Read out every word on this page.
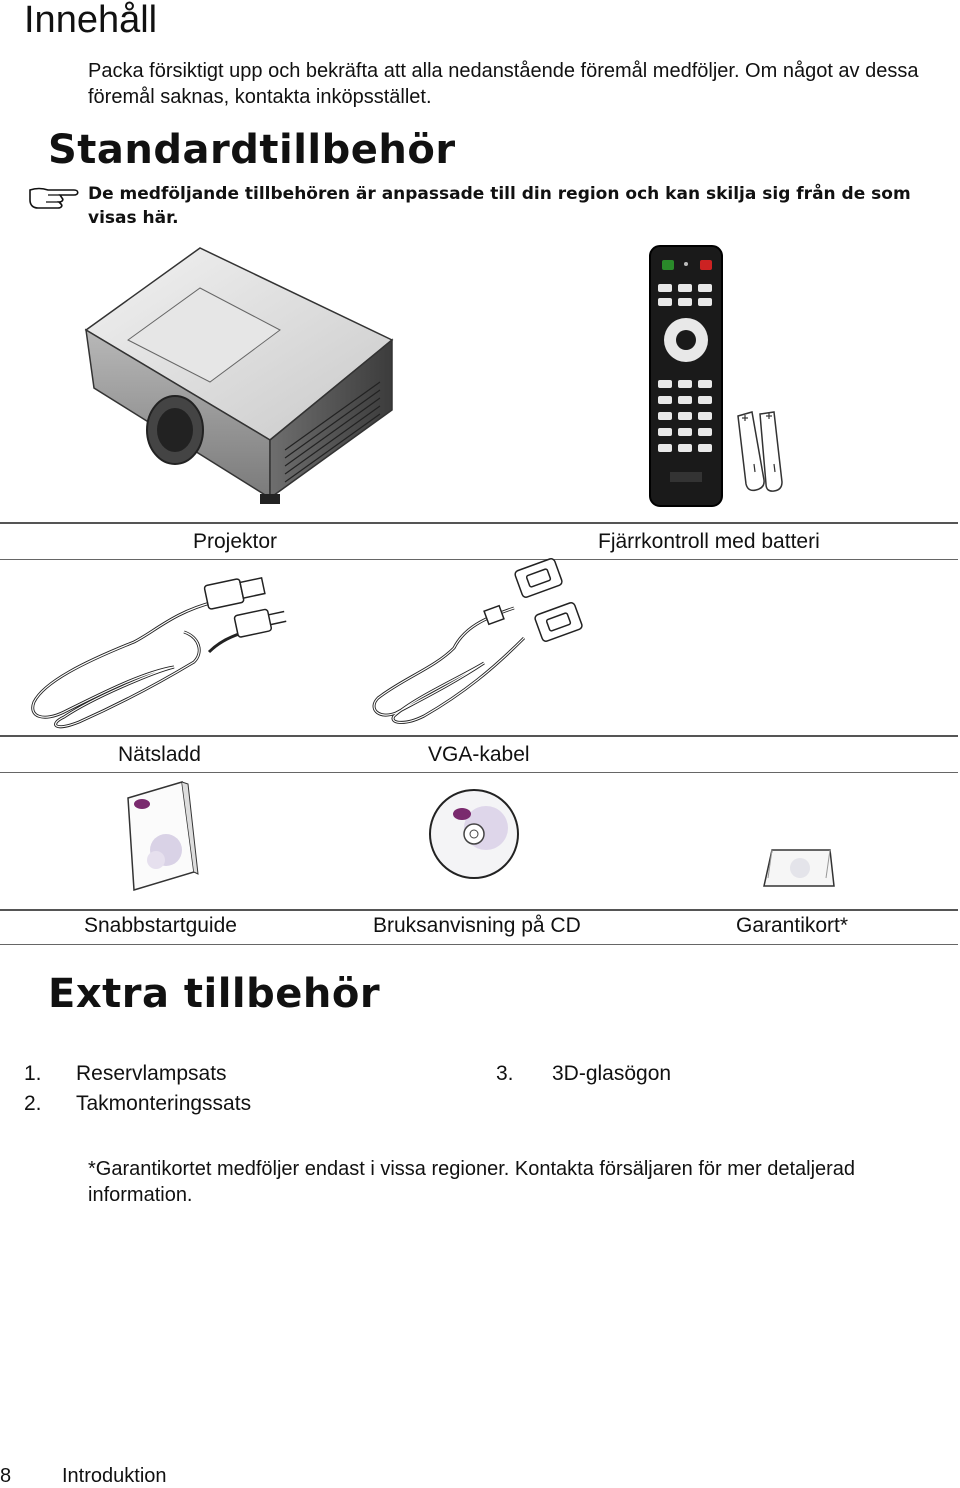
Innehåll

Packa försiktigt upp och bekräfta att alla nedanstående föremål medföljer. Om något av dessa föremål saknas, kontakta inköpsstället.

Standardtillbehör
De medföljande tillbehören är anpassade till din region och kan skilja sig från de som visas här.
Projektor	Fjärrkontroll med batteri
Nätsladd	VGA-kabel
Snabbstartguide	Bruksanvisning på CD	Garantikort*
Extra tillbehör
1. Reservlampsats
2. Takmonteringssats
3. 3D-glasögon
*Garantikortet medföljer endast i vissa regioner. Kontakta försäljaren för mer detaljerad information.
8	Introduktion
